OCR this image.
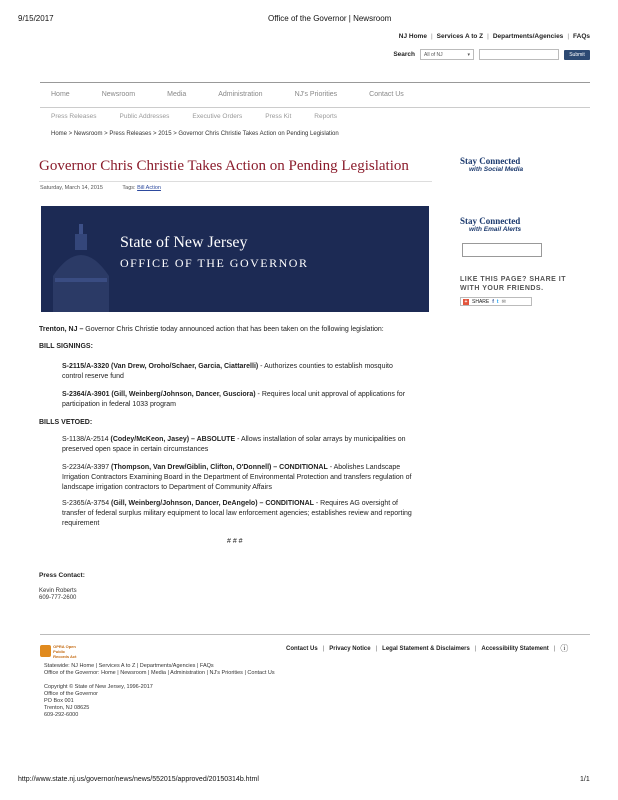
9/15/2017	Office of the Governor | Newsroom
NJ Home | Services A to Z | Departments/Agencies | FAQs
Search All of NJ	▾	Submit
Home	Newsroom	Media	Administration	NJ's Priorities	Contact Us
Press Releases	Public Addresses	Executive Orders	Press Kit	Reports
Home > Newsroom > Press Releases > 2015 > Governor Chris Christie Takes Action on Pending Legislation
Governor Chris Christie Takes Action on Pending Legislation
Saturday, March 14, 2015	Tags: Bill Action
State of New Jersey
OFFICE OF THE GOVERNOR
Trenton, NJ – Governor Chris Christie today announced action that has been taken on the following legislation:
BILL SIGNINGS:
S-2115/A-3320 (Van Drew, Oroho/Schaer, Garcia, Ciattarelli) - Authorizes counties to establish mosquito control reserve fund
S-2364/A-3901 (Gill, Weinberg/Johnson, Dancer, Gusciora) - Requires local unit approval of applications for participation in federal 1033 program
BILLS VETOED:
S-1138/A-2514 (Codey/McKeon, Jasey) – ABSOLUTE - Allows installation of solar arrays by municipalities on preserved open space in certain circumstances
S-2234/A-3397 (Thompson, Van Drew/Giblin, Clifton, O'Donnell) – CONDITIONAL - Abolishes Landscape Irrigation Contractors Examining Board in the Department of Environmental Protection and transfers regulation of landscape irrigation contractors to Department of Community Affairs
S-2365/A-3754 (Gill, Weinberg/Johnson, Dancer, DeAngelo) – CONDITIONAL - Requires AG oversight of transfer of federal surplus military equipment to local law enforcement agencies; establishes review and reporting requirement
# # #
Press Contact:
Kevin Roberts
609-777-2600
Stay Connected
with Social Media
Stay Connected
with Email Alerts
LIKE THIS PAGE? SHARE IT
WITH YOUR FRIENDS.
+ SHARE f t ✉
OPRA Open
Public Records Act
Contact Us | Privacy Notice | Legal Statement & Disclaimers | Accessibility Statement | ⓘ
Statewide: NJ Home | Services A to Z | Departments/Agencies | FAQs
Office of the Governor: Home | Newsroom | Media | Administration | NJ's Priorities | Contact Us
Copyright © State of New Jersey, 1996-2017
Office of the Governor
PO Box 001
Trenton, NJ 08625
609-292-6000
http://www.state.nj.us/governor/news/news/552015/approved/20150314b.html	1/1
